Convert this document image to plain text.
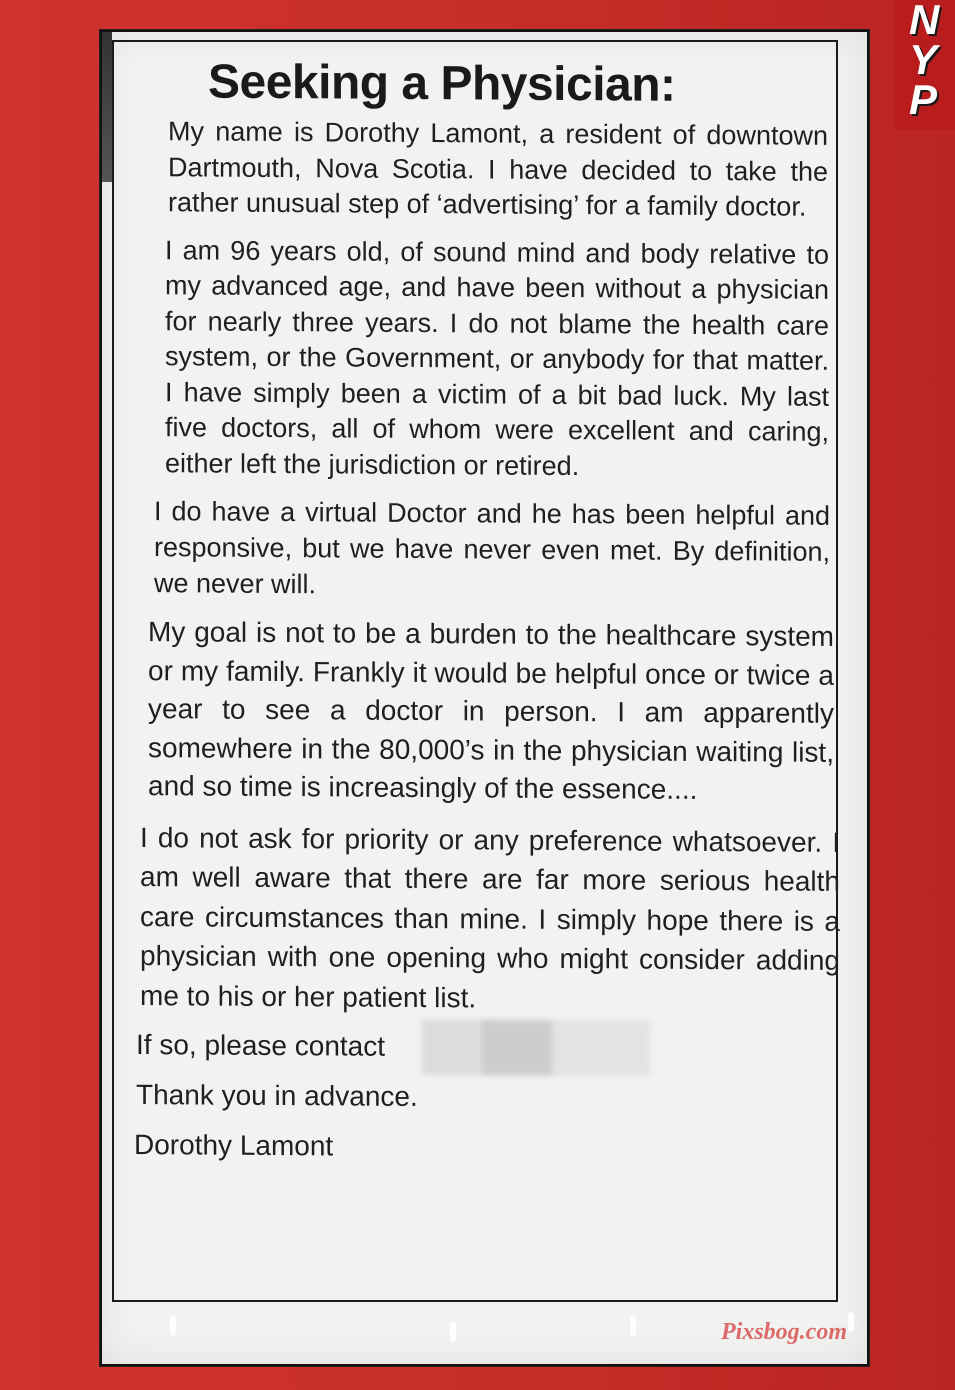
N
Y
P
Seeking a Physician:

My name is Dorothy Lamont, a resident of downtown Dartmouth, Nova Scotia. I have decided to take the rather unusual step of ‘advertising’ for a family doctor.

I am 96 years old, of sound mind and body relative to my advanced age, and have been without a physician for nearly three years. I do not blame the health care system, or the Government, or anybody for that matter. I have simply been a victim of a bit bad luck. My last five doctors, all of whom were excellent and caring, either left the jurisdiction or retired.

I do have a virtual Doctor and he has been helpful and responsive, but we have never even met. By definition, we never will.

My goal is not to be a burden to the healthcare system or my family. Frankly it would be helpful once or twice a year to see a doctor in person. I am apparently somewhere in the 80,000’s in the physician waiting list, and so time is increasingly of the essence....

I do not ask for priority or any preference whatsoever. I am well aware that there are far more serious health care circumstances than mine. I simply hope there is a physician with one opening who might consider adding me to his or her patient list.

If so, please contact

Thank you in advance.

Dorothy Lamont

Pixsbog.com
